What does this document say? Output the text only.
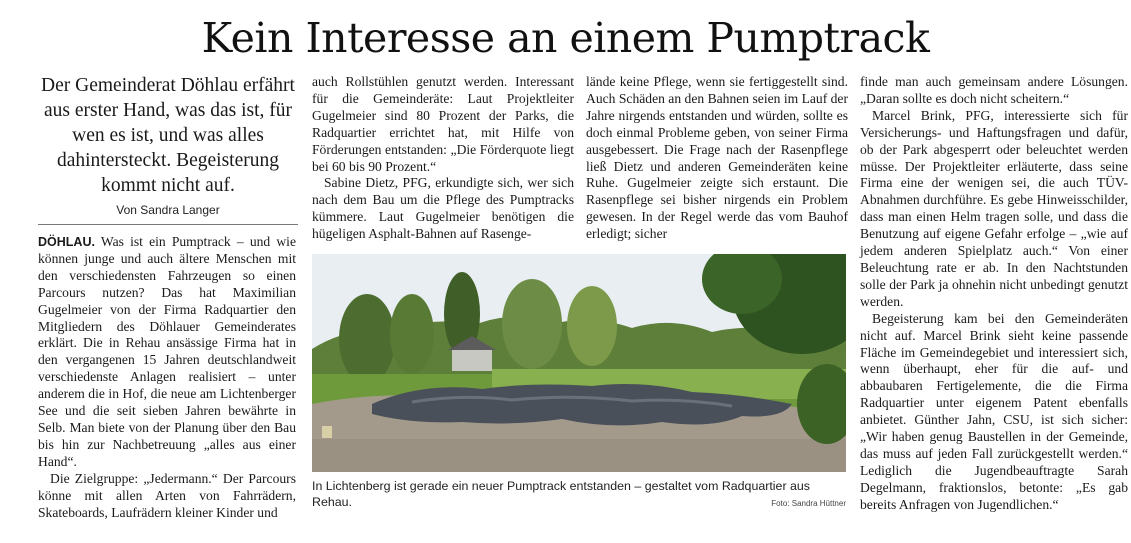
Kein Interesse an einem Pumptrack
Der Gemeinderat Döhlau erfährt aus erster Hand, was das ist, für wen es ist, und was alles dahintersteckt. Begeisterung kommt nicht auf.
Von Sandra Langer

DÖHLAU. Was ist ein Pumptrack – und wie können junge und auch ältere Menschen mit den verschiedensten Fahrzeugen so einen Parcours nutzen? Das hat Maximilian Gugelmeier von der Firma Radquartier den Mitgliedern des Döhlauer Gemeinderates erklärt. Die in Rehau ansässige Firma hat in den vergangenen 15 Jahren deutschlandweit verschiedenste Anlagen realisiert – unter anderem die in Hof, die neue am Lichtenberger See und die seit sieben Jahren bewährte in Selb. Man biete von der Planung über den Bau bis hin zur Nachbetreuung „alles aus einer Hand“.

Die Zielgruppe: „Jedermann.“ Der Parcours könne mit allen Arten von Fahrrädern, Skateboards, Laufrädern kleiner Kinder und

auch Rollstühlen genutzt werden. Interessant für die Gemeinderäte: Laut Projektleiter Gugelmeier sind 80 Prozent der Parks, die Radquartier errichtet hat, mit Hilfe von Förderungen entstanden: „Die Förderquote liegt bei 60 bis 90 Prozent.“

Sabine Dietz, PFG, erkundigte sich, wer sich nach dem Bau um die Pflege des Pumptracks kümmere. Laut Gugelmeier benötigen die hügeligen Asphalt-Bahnen auf Rasenge-

lände keine Pflege, wenn sie fertiggestellt sind. Auch Schäden an den Bahnen seien im Lauf der Jahre nirgends entstanden und würden, sollte es doch einmal Probleme geben, von seiner Firma ausgebessert. Die Frage nach der Rasenpflege ließ Dietz und anderen Gemeinderäten keine Ruhe. Gugelmeier zeigte sich erstaunt. Die Rasenpflege sei bisher nirgends ein Problem gewesen. In der Regel werde das vom Bauhof erledigt; sicher

finde man auch gemeinsam andere Lösungen. „Daran sollte es doch nicht scheitern.“

Marcel Brink, PFG, interessierte sich für Versicherungs- und Haftungsfragen und dafür, ob der Park abgesperrt oder beleuchtet werden müsse. Der Projektleiter erläuterte, dass seine Firma eine der wenigen sei, die auch TÜV-Abnahmen durchführe. Es gebe Hinweisschilder, dass man einen Helm tragen solle, und dass die Benutzung auf eigene Gefahr erfolge – „wie auf jedem anderen Spielplatz auch.“ Von einer Beleuchtung rate er ab. In den Nachtstunden solle der Park ja ohnehin nicht unbedingt genutzt werden.

Begeisterung kam bei den Gemeinderäten nicht auf. Marcel Brink sieht keine passende Fläche im Gemeindegebiet und interessiert sich, wenn überhaupt, eher für die auf- und abbaubaren Fertigelemente, die die Firma Radquartier unter eigenem Patent ebenfalls anbietet. Günther Jahn, CSU, ist sich sicher: „Wir haben genug Baustellen in der Gemeinde, das muss auf jeden Fall zurückgestellt werden.“ Lediglich die Jugendbeauftragte Sarah Degelmann, fraktionslos, betonte: „Es gab bereits Anfragen von Jugendlichen.“

In Lichtenberg ist gerade ein neuer Pumptrack entstanden – gestaltet vom Radquartier aus Rehau.	Foto: Sandra Hüttner
